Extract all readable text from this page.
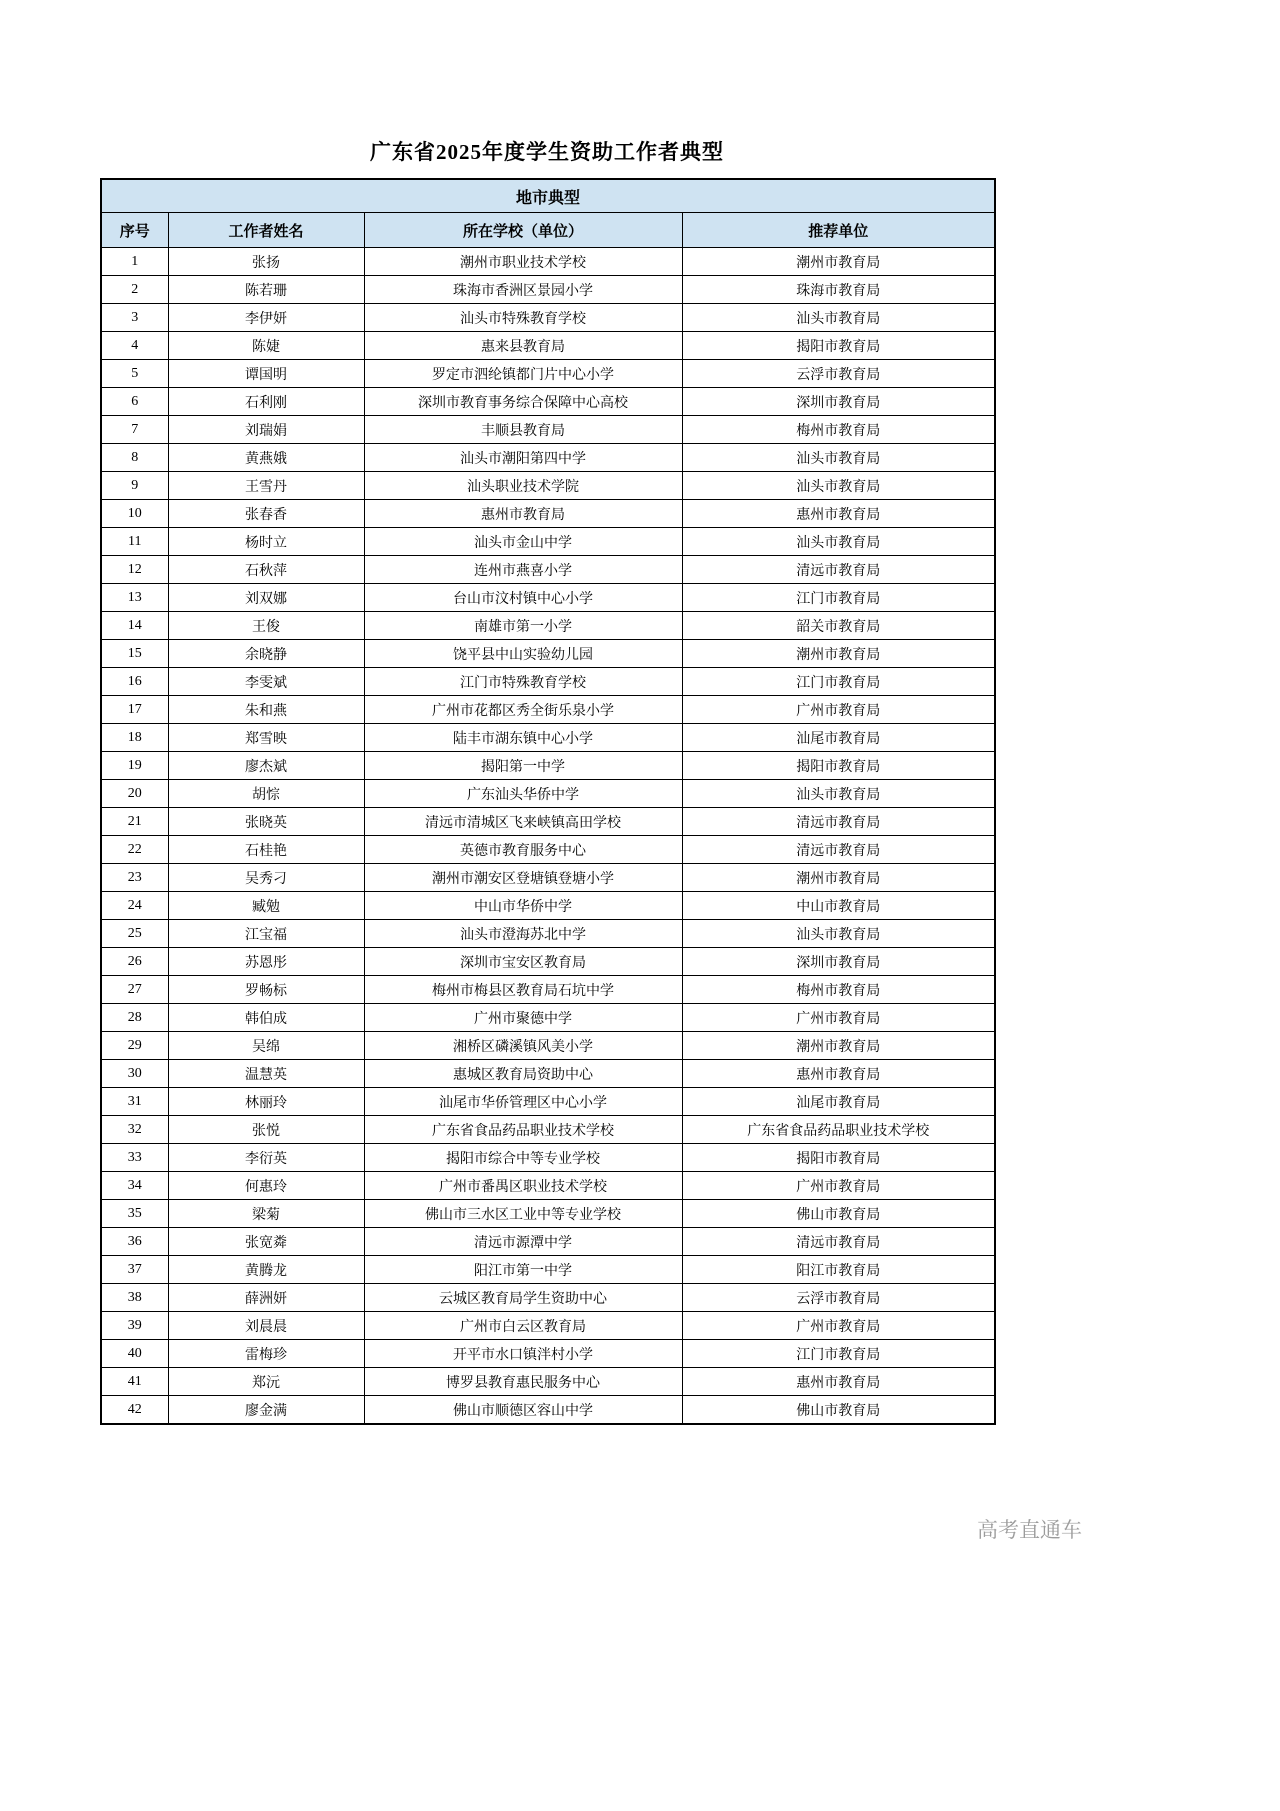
广东省2025年度学生资助工作者典型
地市典型			
序号	工作者姓名	所在学校（单位）	推荐单位
1	张扬	潮州市职业技术学校	潮州市教育局
2	陈若珊	珠海市香洲区景园小学	珠海市教育局
3	李伊妍	汕头市特殊教育学校	汕头市教育局
4	陈婕	惠来县教育局	揭阳市教育局
5	谭国明	罗定市泗纶镇都门片中心小学	云浮市教育局
6	石利刚	深圳市教育事务综合保障中心高校	深圳市教育局
7	刘瑞娟	丰顺县教育局	梅州市教育局
8	黄燕娥	汕头市潮阳第四中学	汕头市教育局
9	王雪丹	汕头职业技术学院	汕头市教育局
10	张春香	惠州市教育局	惠州市教育局
11	杨时立	汕头市金山中学	汕头市教育局
12	石秋萍	连州市燕喜小学	清远市教育局
13	刘双娜	台山市汶村镇中心小学	江门市教育局
14	王俊	南雄市第一小学	韶关市教育局
15	余晓静	饶平县中山实验幼儿园	潮州市教育局
16	李雯斌	江门市特殊教育学校	江门市教育局
17	朱和燕	广州市花都区秀全街乐泉小学	广州市教育局
18	郑雪映	陆丰市湖东镇中心小学	汕尾市教育局
19	廖杰斌	揭阳第一中学	揭阳市教育局
20	胡悰	广东汕头华侨中学	汕头市教育局
21	张晓英	清远市清城区飞来峡镇高田学校	清远市教育局
22	石桂艳	英德市教育服务中心	清远市教育局
23	吴秀刁	潮州市潮安区登塘镇登塘小学	潮州市教育局
24	臧勉	中山市华侨中学	中山市教育局
25	江宝福	汕头市澄海苏北中学	汕头市教育局
26	苏恩彤	深圳市宝安区教育局	深圳市教育局
27	罗畅标	梅州市梅县区教育局石坑中学	梅州市教育局
28	韩伯成	广州市聚德中学	广州市教育局
29	吴绵	湘桥区磷溪镇风美小学	潮州市教育局
30	温慧英	惠城区教育局资助中心	惠州市教育局
31	林丽玲	汕尾市华侨管理区中心小学	汕尾市教育局
32	张悦	广东省食品药品职业技术学校	广东省食品药品职业技术学校
33	李衍英	揭阳市综合中等专业学校	揭阳市教育局
34	何惠玲	广州市番禺区职业技术学校	广州市教育局
35	梁菊	佛山市三水区工业中等专业学校	佛山市教育局
36	张宽粦	清远市源潭中学	清远市教育局
37	黄腾龙	阳江市第一中学	阳江市教育局
38	薛洲妍	云城区教育局学生资助中心	云浮市教育局
39	刘晨晨	广州市白云区教育局	广州市教育局
40	雷梅珍	开平市水口镇泮村小学	江门市教育局
41	郑沅	博罗县教育惠民服务中心	惠州市教育局
42	廖金满	佛山市顺德区容山中学	佛山市教育局
高考直通车
